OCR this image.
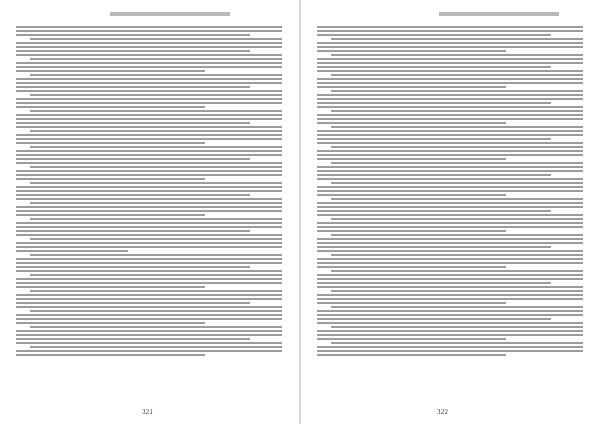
321	322
